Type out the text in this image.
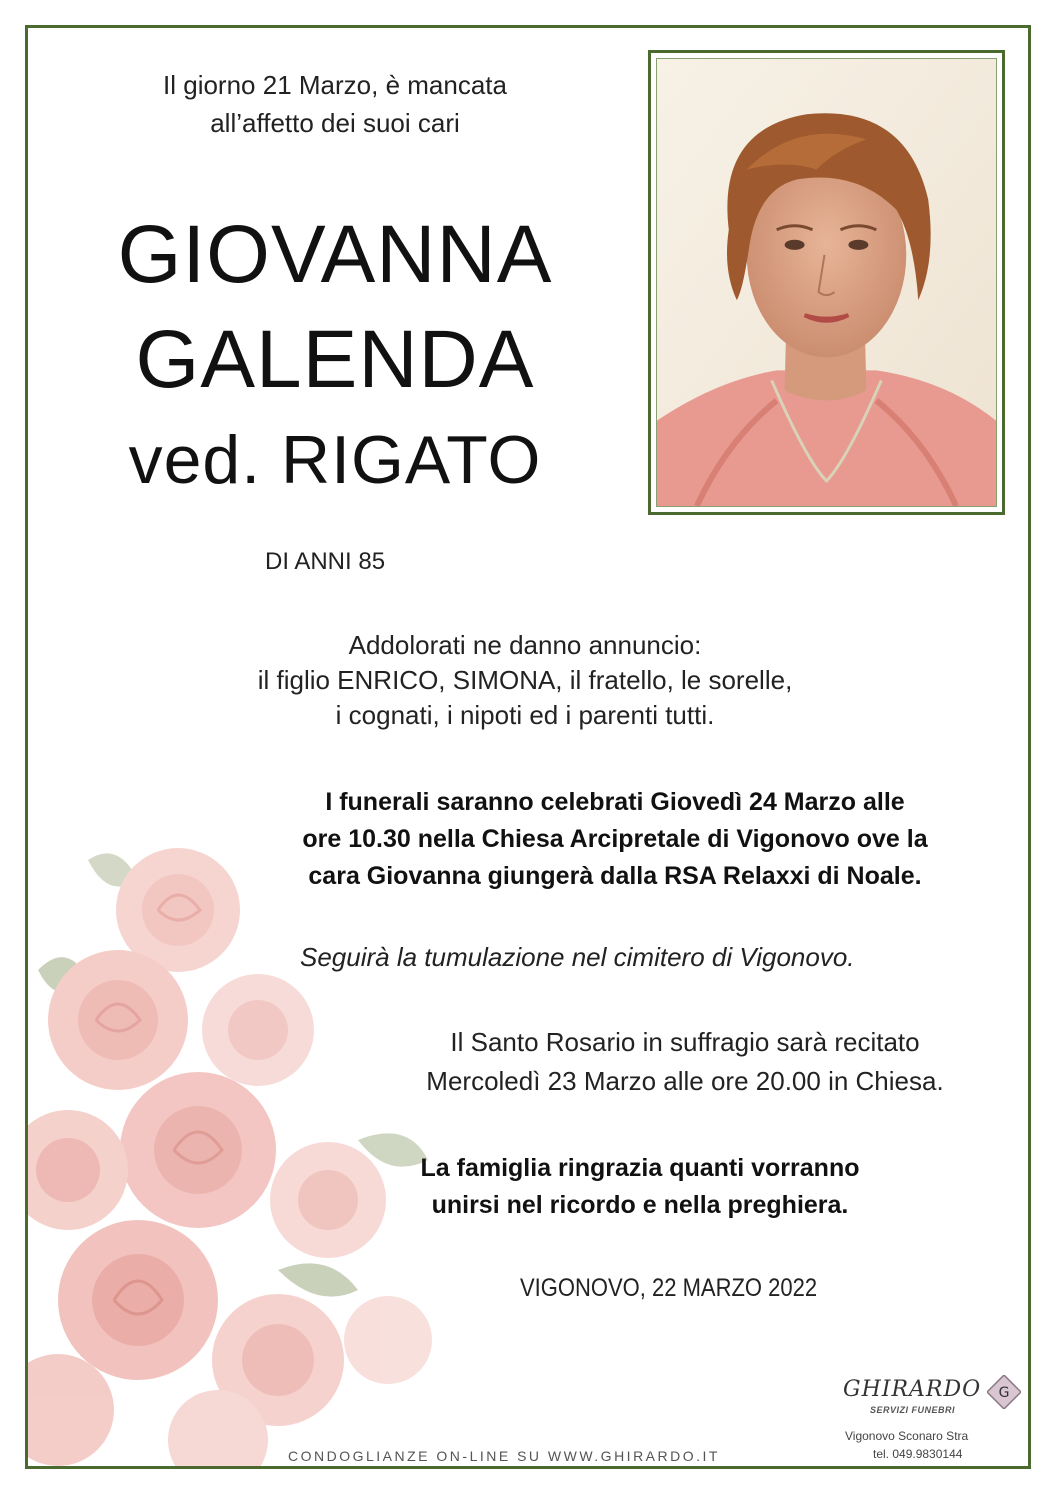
Il giorno 21 Marzo, è mancata
all’affetto dei suoi cari
GIOVANNA
GALENDA
ved. RIGATO
DI ANNI 85
Addolorati ne danno annuncio:
il figlio ENRICO, SIMONA, il fratello, le sorelle,
i cognati, i nipoti ed i parenti tutti.
I funerali saranno celebrati Giovedì 24 Marzo alle
ore 10.30 nella Chiesa Arcipretale di Vigonovo ove la
cara Giovanna giungerà dalla RSA Relaxxi di Noale.
Seguirà la tumulazione nel cimitero di Vigonovo.
Il Santo Rosario in suffragio sarà recitato
Mercoledì 23 Marzo alle ore 20.00 in Chiesa.
La famiglia ringrazia quanti vorranno
unirsi nel ricordo e nella preghiera.
VIGONOVO, 22 MARZO 2022
CONDOGLIANZE ON-LINE SU WWW.GHIRARDO.IT
GHIRARDO
SERVIZI FUNEBRI
G
Vigonovo Sconaro Stra
tel. 049.9830144
